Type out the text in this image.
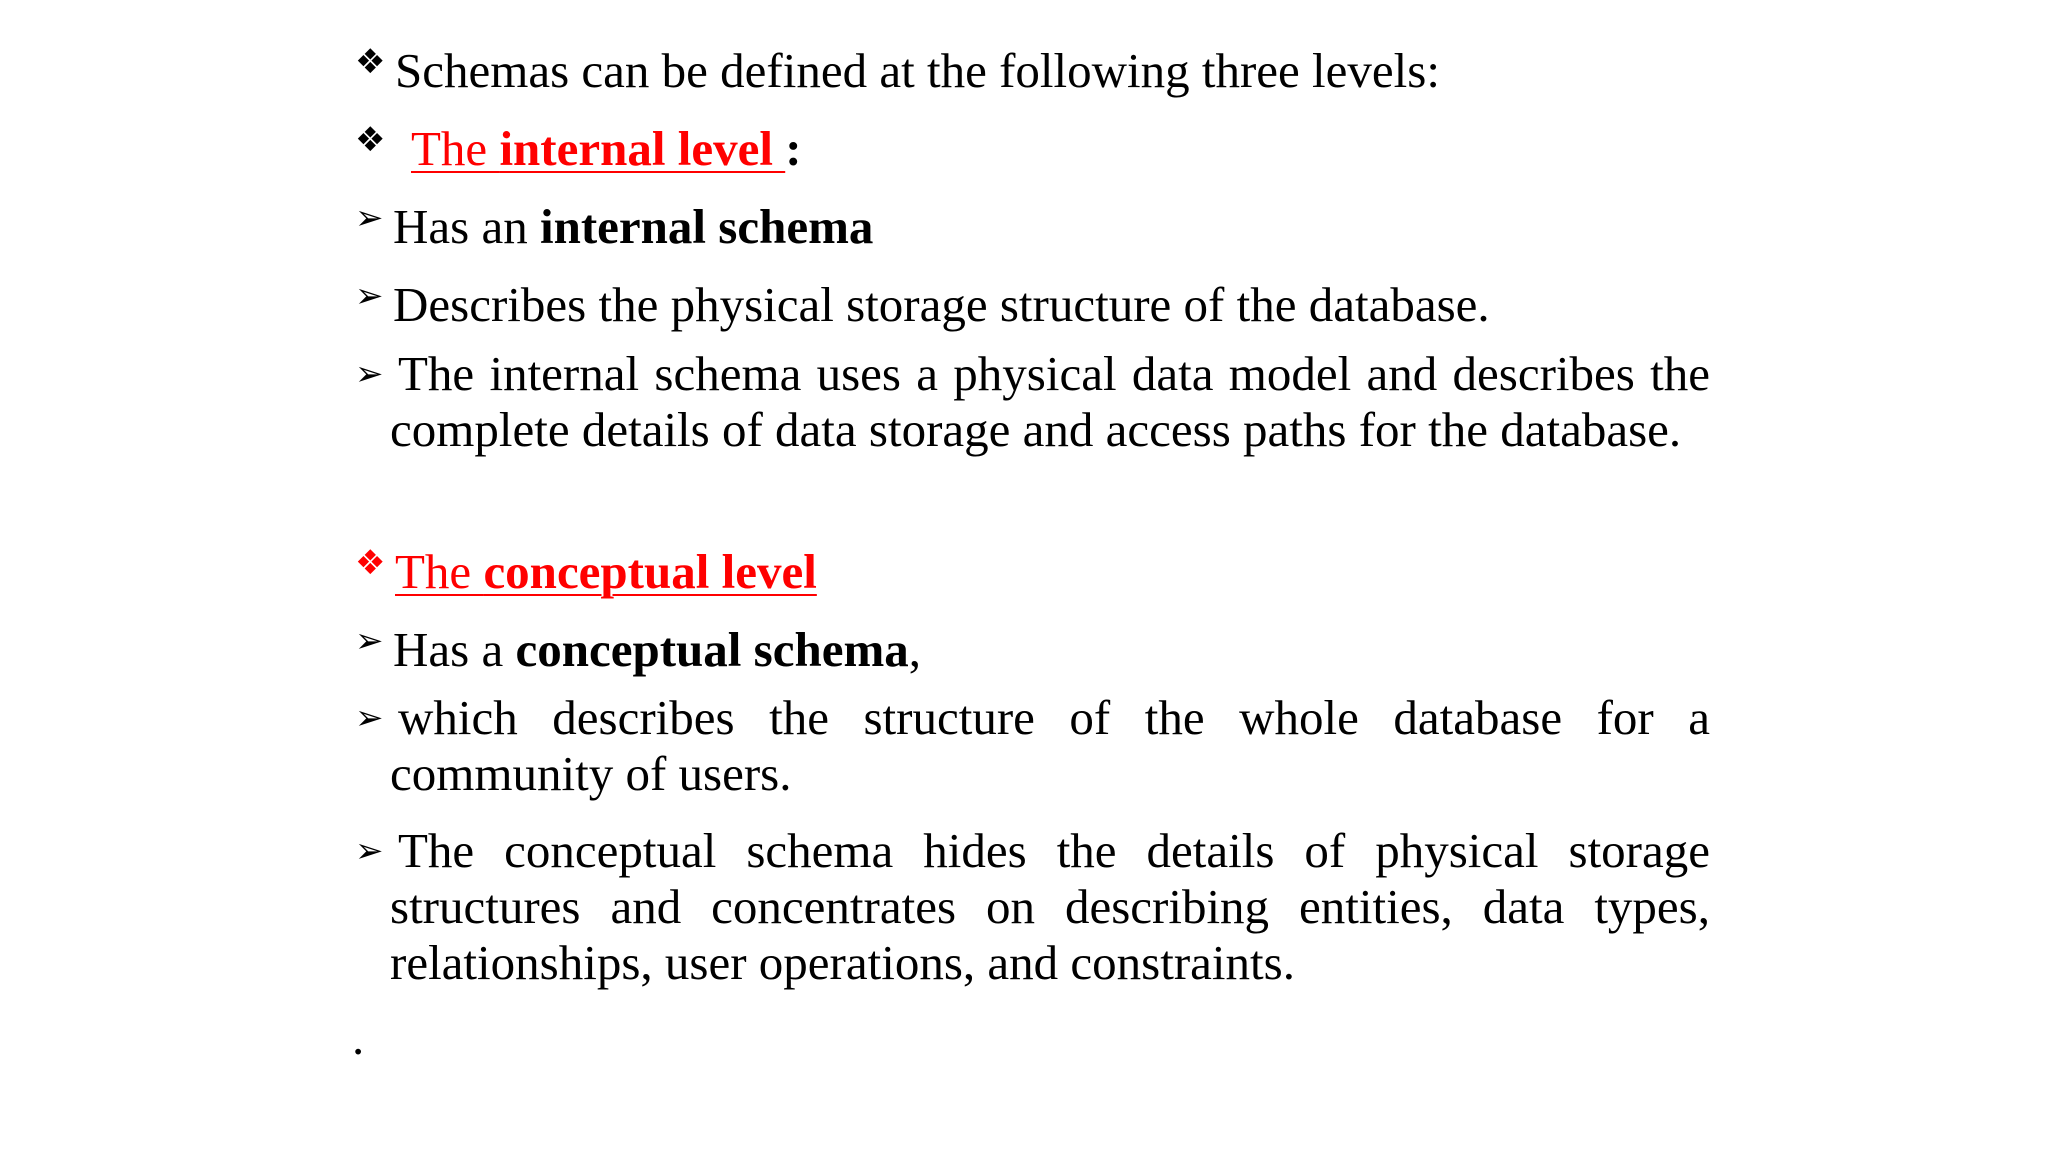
❖ Schemas can be defined at the following three levels:
❖ The internal level :
➢ Has an internal schema
➢ Describes the physical storage structure of the database.
➢ The internal schema uses a physical data model and describes the complete details of data storage and access paths for the database.
❖ The conceptual level
➢ Has a conceptual schema,
➢ which describes the structure of the whole database for a community of users.
➢ The conceptual schema hides the details of physical storage structures and concentrates on describing entities, data types, relationships, user operations, and constraints.
.
